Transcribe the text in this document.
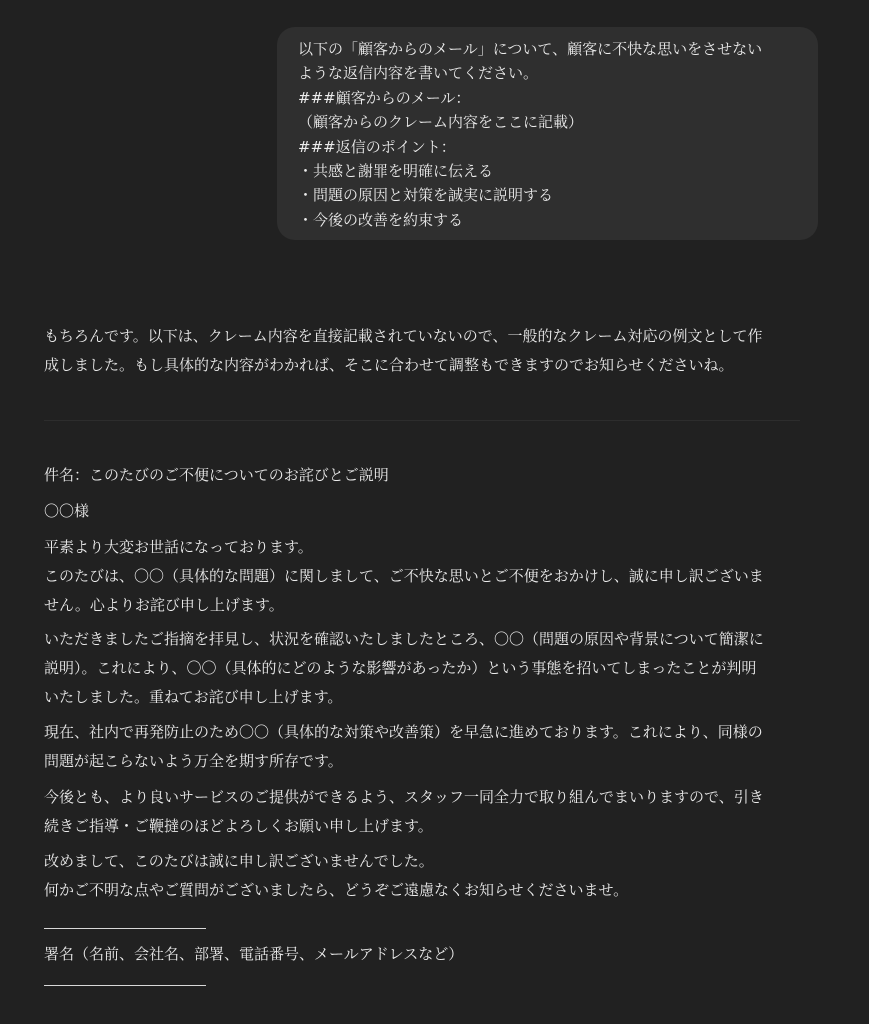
以下の「顧客からのメール」について、顧客に不快な思いをさせない
ような返信内容を書いてください。
###顧客からのメール：
（顧客からのクレーム内容をここに記載）
###返信のポイント：
・共感と謝罪を明確に伝える
・問題の原因と対策を誠実に説明する
・今後の改善を約束する
もちろんです。以下は、クレーム内容を直接記載されていないので、一般的なクレーム対応の例文として作
成しました。もし具体的な内容がわかれば、そこに合わせて調整もできますのでお知らせくださいね。
件名：このたびのご不便についてのお詫びとご説明
〇〇様
平素より大変お世話になっております。
このたびは、〇〇（具体的な問題）に関しまして、ご不快な思いとご不便をおかけし、誠に申し訳ございま
せん。心よりお詫び申し上げます。
いただきましたご指摘を拝見し、状況を確認いたしましたところ、〇〇（問題の原因や背景について簡潔に
説明）。これにより、〇〇（具体的にどのような影響があったか）という事態を招いてしまったことが判明
いたしました。重ねてお詫び申し上げます。
現在、社内で再発防止のため〇〇（具体的な対策や改善策）を早急に進めております。これにより、同様の
問題が起こらないよう万全を期す所存です。
今後とも、より良いサービスのご提供ができるよう、スタッフ一同全力で取り組んでまいりますので、引き
続きご指導・ご鞭撻のほどよろしくお願い申し上げます。
改めまして、このたびは誠に申し訳ございませんでした。
何かご不明な点やご質問がございましたら、どうぞご遠慮なくお知らせくださいませ。
署名（名前、会社名、部署、電話番号、メールアドレスなど）
